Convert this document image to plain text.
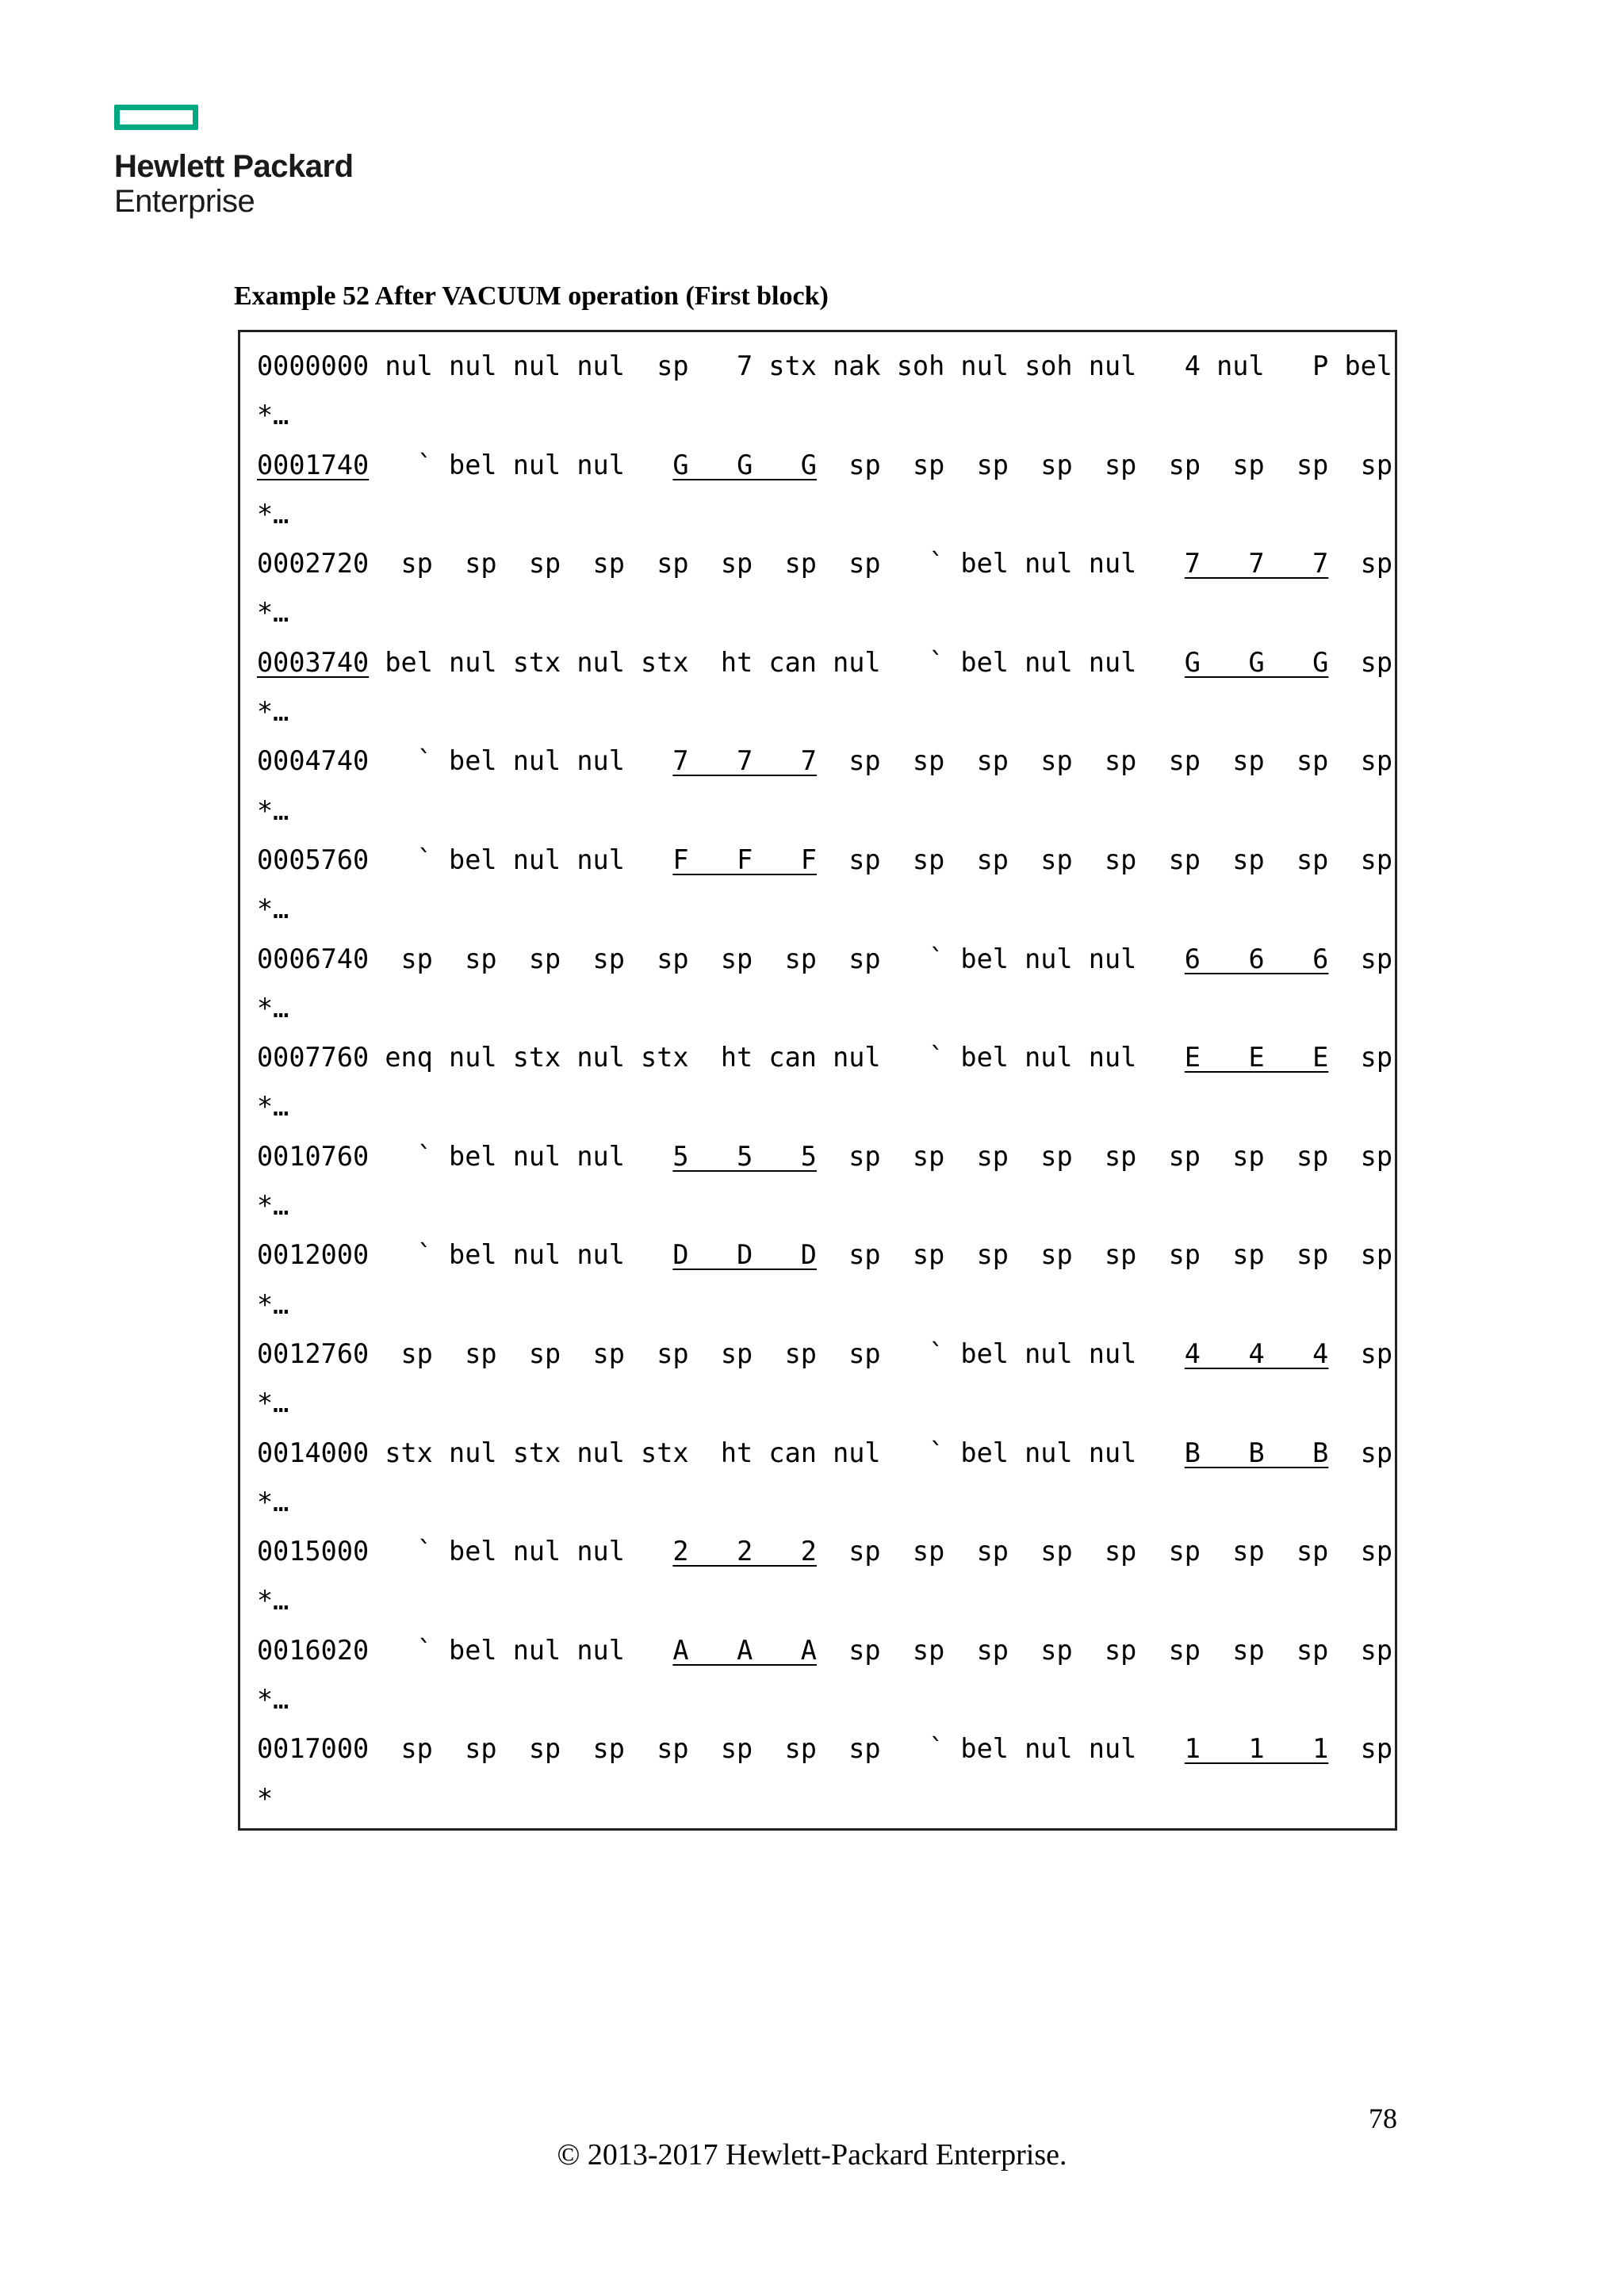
Hewlett Packard
Enterprise
Example 52 After VACUUM operation (First block)
0000000 nul nul nul nul  sp   7 stx nak soh nul soh nul   4 nul   P bel
*…
0001740   ` bel nul nul   G   G   G  sp  sp  sp  sp  sp  sp  sp  sp  sp
*…
0002720  sp  sp  sp  sp  sp  sp  sp  sp   ` bel nul nul   7   7   7  sp
*…
0003740 bel nul stx nul stx  ht can nul   ` bel nul nul   G   G   G  sp
*…
0004740   ` bel nul nul   7   7   7  sp  sp  sp  sp  sp  sp  sp  sp  sp
*…
0005760   ` bel nul nul   F   F   F  sp  sp  sp  sp  sp  sp  sp  sp  sp
*…
0006740  sp  sp  sp  sp  sp  sp  sp  sp   ` bel nul nul   6   6   6  sp
*…
0007760 enq nul stx nul stx  ht can nul   ` bel nul nul   E   E   E  sp
*…
0010760   ` bel nul nul   5   5   5  sp  sp  sp  sp  sp  sp  sp  sp  sp
*…
0012000   ` bel nul nul   D   D   D  sp  sp  sp  sp  sp  sp  sp  sp  sp
*…
0012760  sp  sp  sp  sp  sp  sp  sp  sp   ` bel nul nul   4   4   4  sp
*…
0014000 stx nul stx nul stx  ht can nul   ` bel nul nul   B   B   B  sp
*…
0015000   ` bel nul nul   2   2   2  sp  sp  sp  sp  sp  sp  sp  sp  sp
*…
0016020   ` bel nul nul   A   A   A  sp  sp  sp  sp  sp  sp  sp  sp  sp
*…
0017000  sp  sp  sp  sp  sp  sp  sp  sp   ` bel nul nul   1   1   1  sp
*
78
© 2013-2017 Hewlett-Packard Enterprise.
